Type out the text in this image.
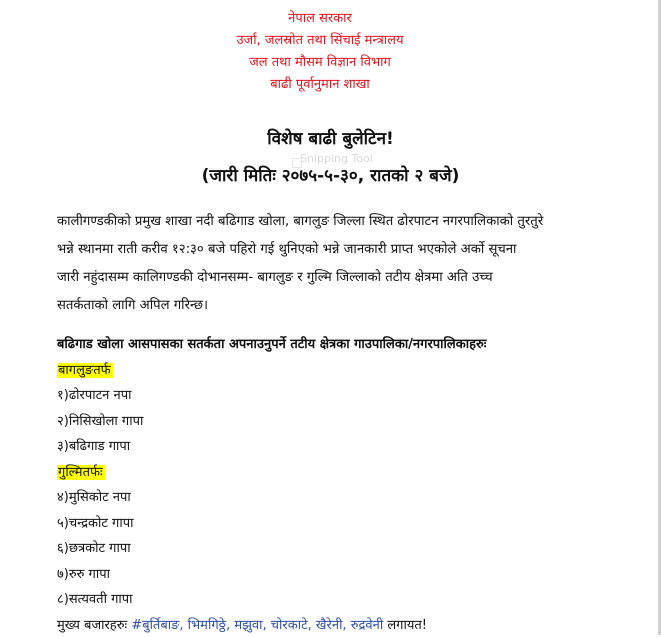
नेपाल सरकार
उर्जा, जलस्रोत तथा सिंचाई मन्त्रालय
जल तथा मौसम विज्ञान विभाग
बाढी पूर्वानुमान शाखा
Snipping Tool
विशेष बाढी बुलेटिन!
(जारी मितिः २०७५-५-३०, रातको २ बजे)
कालीगण्डकीको प्रमुख शाखा नदी बढिगाड खोला, बागलुङ जिल्ला स्थित ढोरपाटन नगरपालिकाको तुरतुरे
भन्ने स्थानमा राती करीव १२:३० बजे पहिरो गई थुनिएको भन्ने जानकारी प्राप्त भएकोले अर्को सूचना
जारी नहुंदासम्म कालिगण्डकी दोभानसम्म- बागलुङ र गुल्मि जिल्लाको तटीय क्षेत्रमा अति उच्च
सतर्कताको लागि अपिल गरिन्छ।
बढिगाड खोला आसपासका सतर्कता अपनाउनुपर्ने तटीय क्षेत्रका गाउपालिका/नगरपालिकाहरुः
बागलुङतर्फ
१)ढोरपाटन नपा
२)निसिखोला गापा
३)बढिगाड गापा
गुल्मितर्फः
४)मुसिकोट नपा
५)चन्द्रकोट गापा
६)छत्रकोट गापा
७)रुरु गापा
८)सत्यवती गापा
मुख्य बजारहरुः #बुर्तिबाङ, भिमगिठ्ठे, मझुवा, चोरकाटे, खैरेनी, रुद्रवेनी लगायत!
